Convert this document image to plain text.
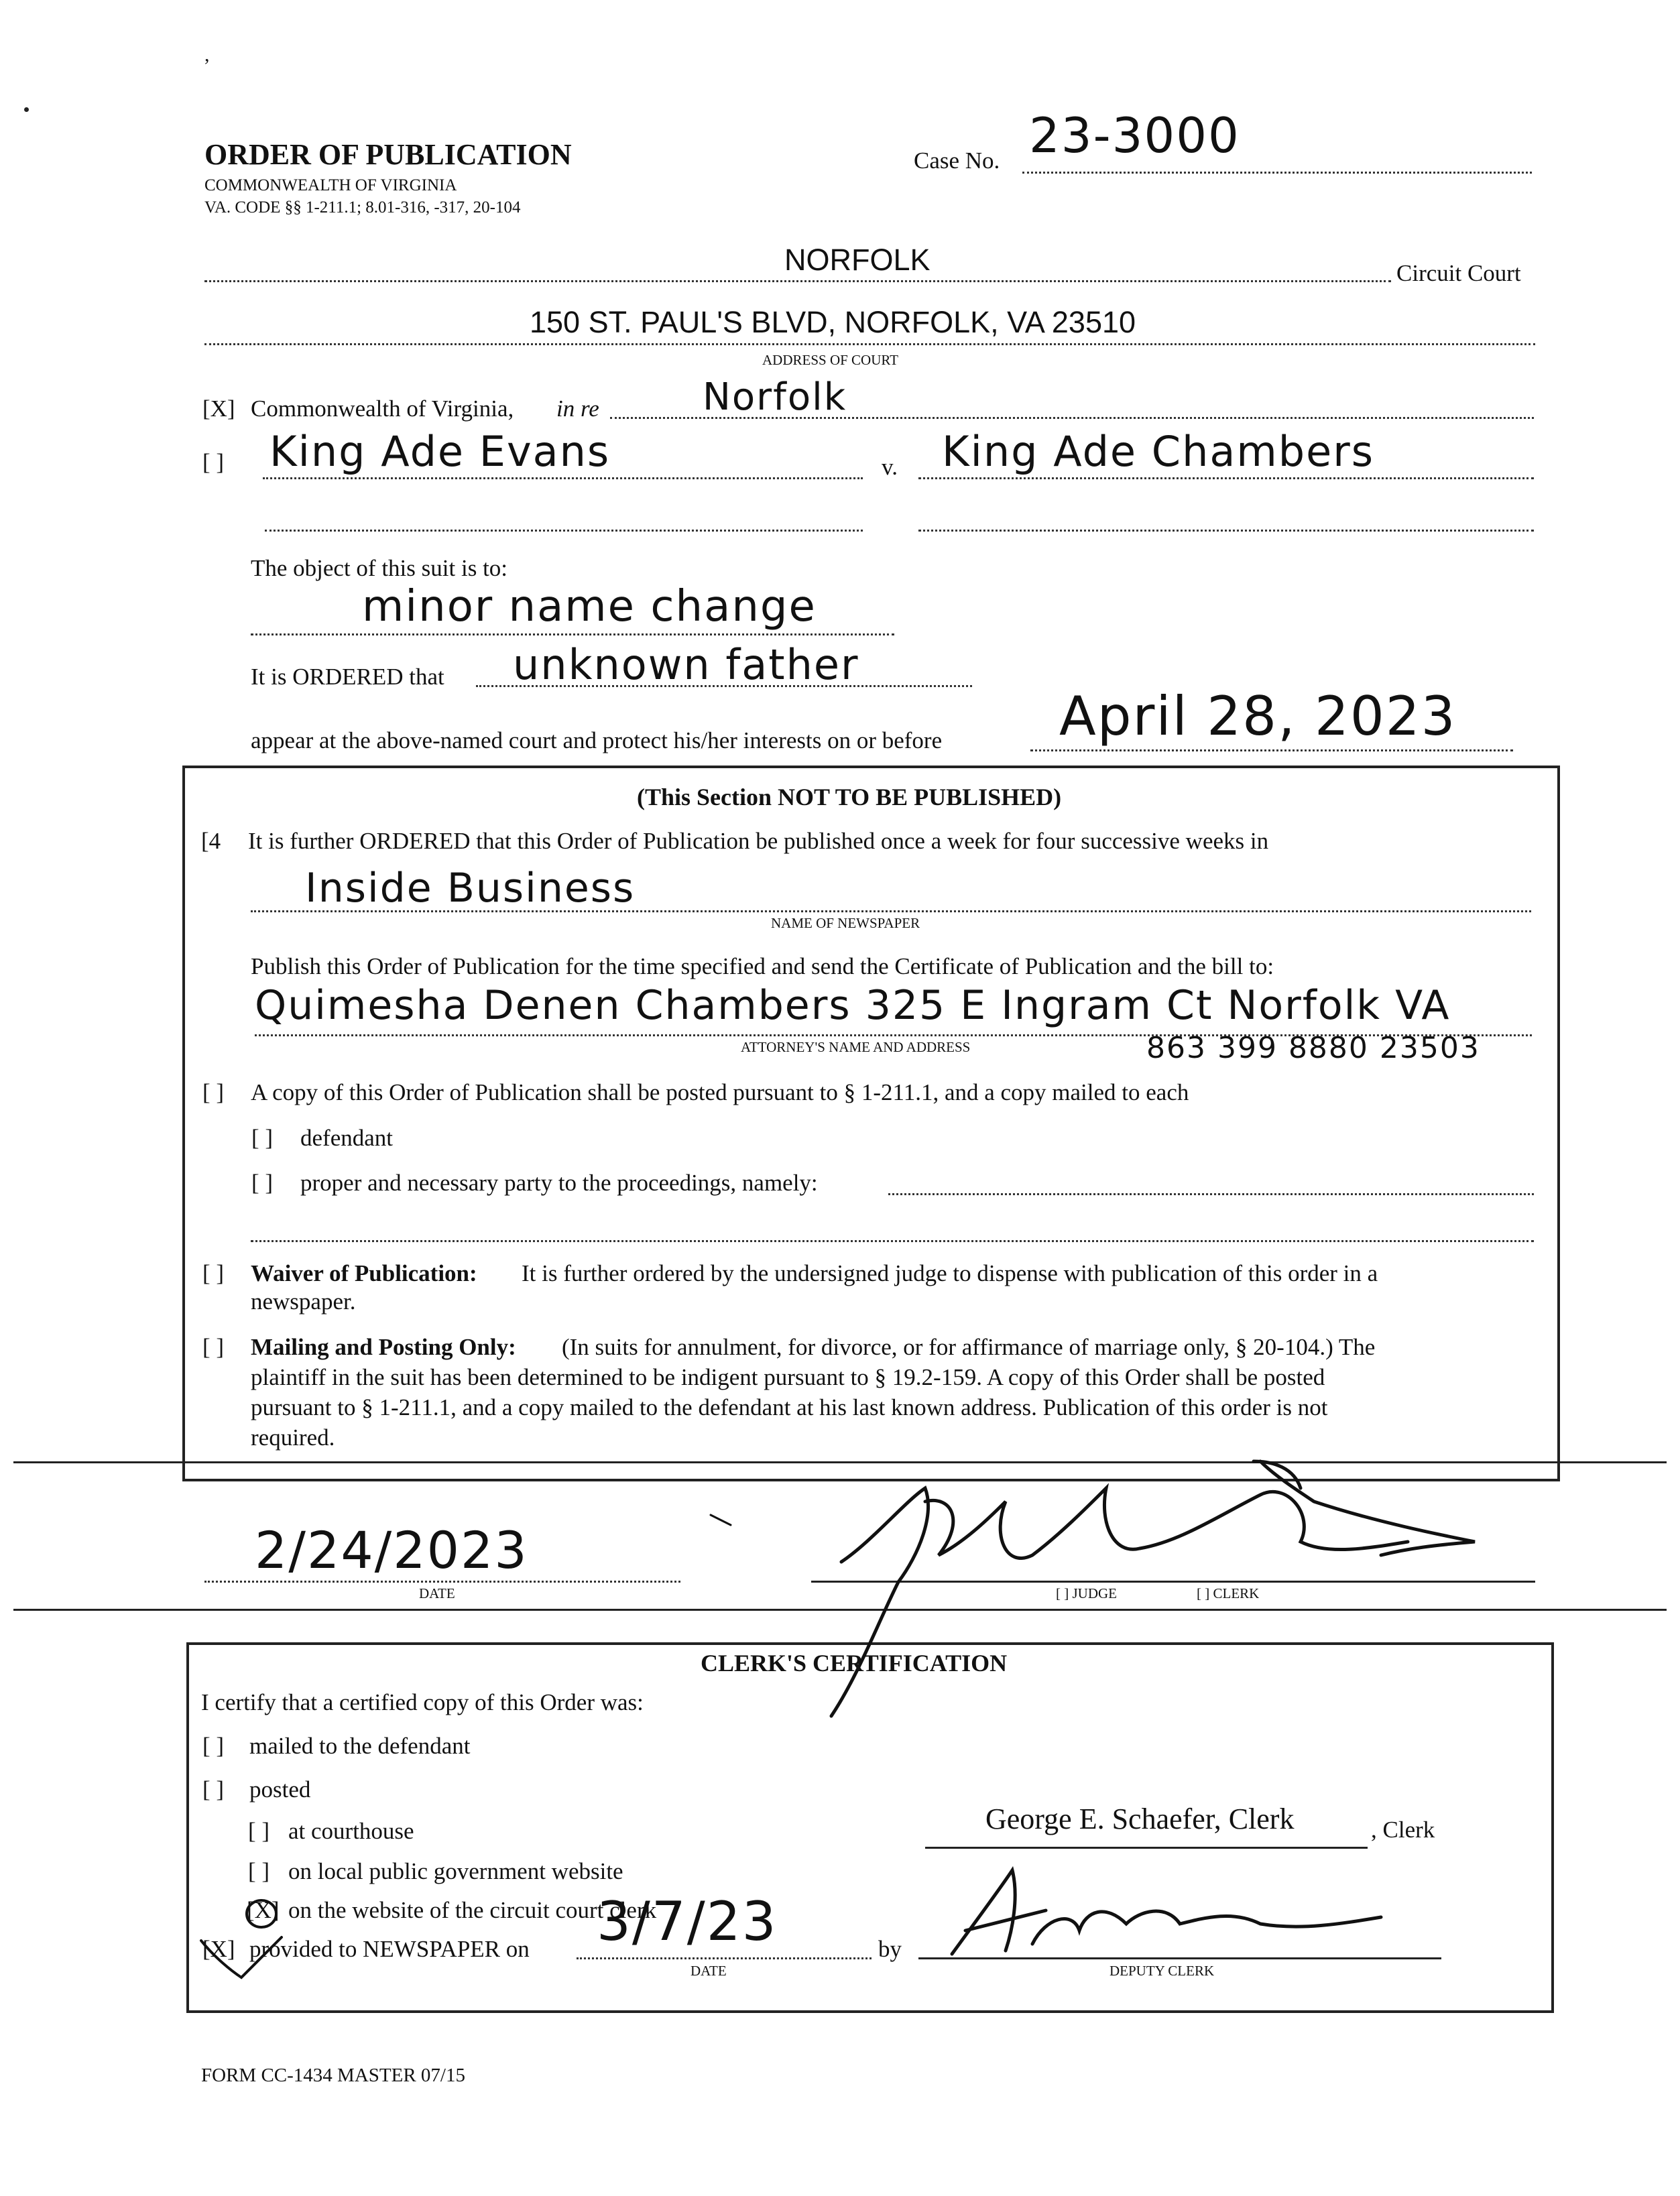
,
ORDER OF PUBLICATION
COMMONWEALTH OF VIRGINIA
VA. CODE §§ 1-211.1; 8.01-316, -317, 20-104
Case No. 23-3000
NORFOLK	Circuit Court
150 ST. PAUL'S BLVD, NORFOLK, VA 23510
ADDRESS OF COURT
[X] Commonwealth of Virginia, in re	Norfolk
[ ] King Ade Evans	v. King Ade Chambers
The object of this suit is to:
minor name change
It is ORDERED that unknown father
appear at the above-named court and protect his/her interests on or before April 28, 2023
(This Section NOT TO BE PUBLISHED)
[4 It is further ORDERED that this Order of Publication be published once a week for four successive weeks in
Inside Business
NAME OF NEWSPAPER
Publish this Order of Publication for the time specified and send the Certificate of Publication and the bill to:
Quimesha Denen Chambers 325 E Ingram Ct Norfolk VA
ATTORNEY'S NAME AND ADDRESS	863 399 8880 23503
[ ] A copy of this Order of Publication shall be posted pursuant to § 1-211.1, and a copy mailed to each
[ ] defendant
[ ] proper and necessary party to the proceedings, namely:
[ ] Waiver of Publication: It is further ordered by the undersigned judge to dispense with publication of this order in a
newspaper.
[ ] Mailing and Posting Only: (In suits for annulment, for divorce, or for affirmance of marriage only, § 20-104.) The
plaintiff in the suit has been determined to be indigent pursuant to § 19.2-159. A copy of this Order shall be posted
pursuant to § 1-211.1, and a copy mailed to the defendant at his last known address. Publication of this order is not
required.
2/24/2023
DATE	[ ] JUDGE	[ ] CLERK
CLERK'S CERTIFICATION
I certify that a certified copy of this Order was:
[ ] mailed to the defendant
[ ] posted
[ ] at courthouse
[ ] on local public government website
[X] on the website of the circuit court clerk
[X] provided to NEWSPAPER on 3/7/23
DATE
by
DEPUTY CLERK
George E. Schaefer, Clerk	, Clerk
FORM CC-1434 MASTER 07/15
